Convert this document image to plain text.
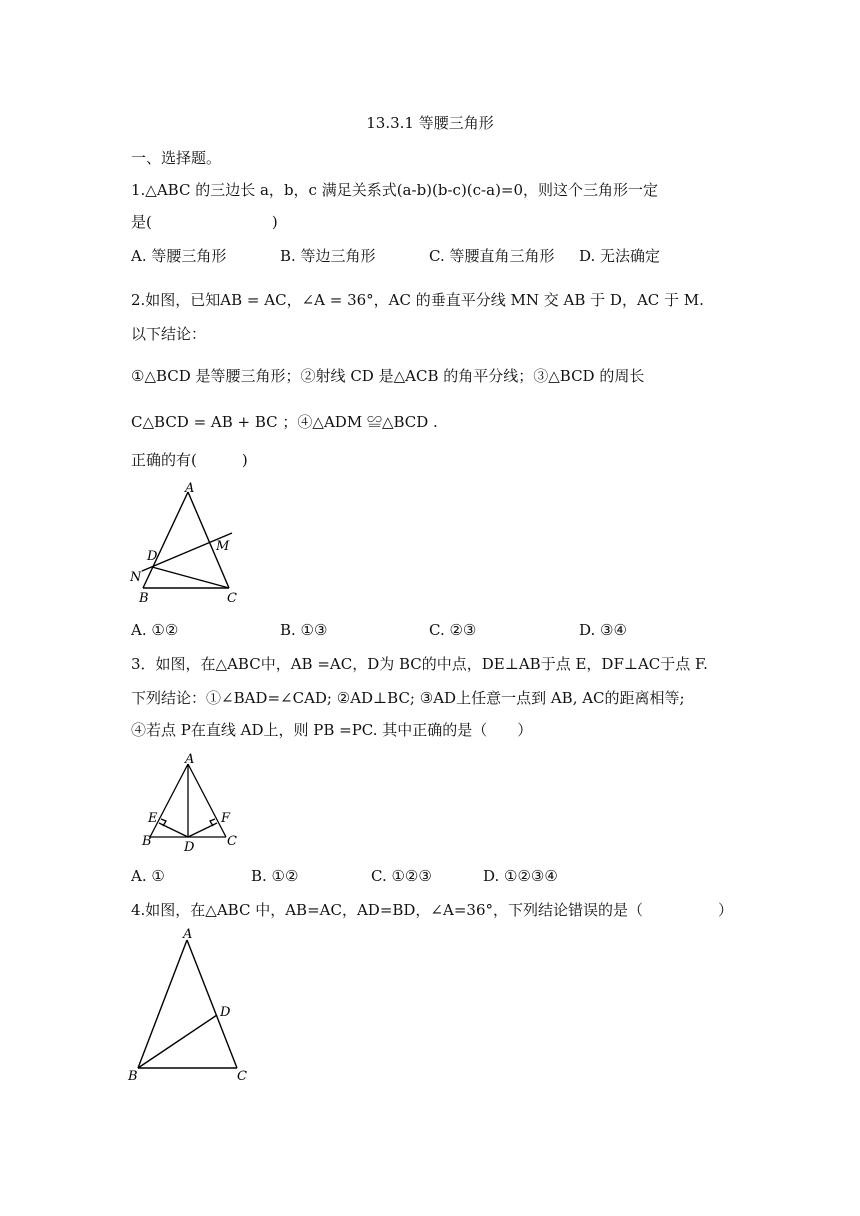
13.3.1 等腰三角形
一、选择题。
1.△ABC 的三边长 a，b，c 满足关系式(a-b)(b-c)(c-a)=0，则这个三角形一定
是(　　　　　　　　)
A. 等腰三角形	B. 等边三角形	C. 等腰直角三角形 D. 无法确定
2.如图，已知AB = AC，∠A = 36°，AC 的垂直平分线 MN 交 AB 于 D，AC 于 M.
以下结论：
①△BCD 是等腰三角形；②射线 CD 是△ACB 的角平分线；③△BCD 的周长
C△BCD = AB + BC ；④△ADM ≌△BCD .
正确的有(　　　)
A
B	C
D
M
N
A. ①②	B. ①③	C. ②③	D. ③④
3．如图，在△ABC中，AB =AC，D为 BC的中点，DE⊥AB于点 E，DF⊥AC于点 F.
下列结论：①∠BAD=∠CAD; ②AD⊥BC; ③AD上任意一点到 AB, AC的距离相等;
④若点 P在直线 AD上，则 PB =PC. 其中正确的是（　　）
A
B	C
D
E	F
A. ①	B. ①②	C. ①②③	D. ①②③④
4.如图，在△ABC 中，AB=AC，AD=BD，∠A=36°，下列结论错误的是（　　　　　）
A
B	C
D
